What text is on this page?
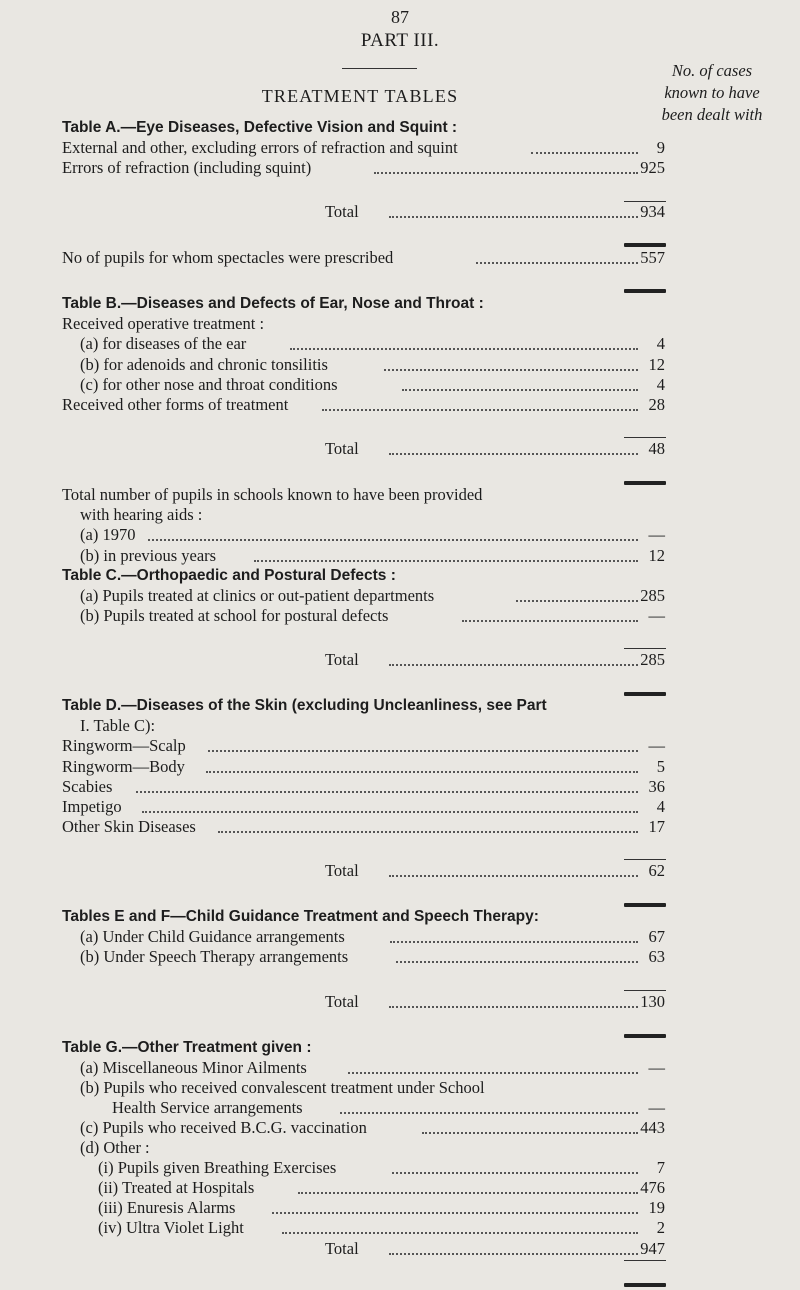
87
PART III.
TREATMENT TABLES
No. of cases
known to have
been dealt with
Table A.—Eye Diseases, Defective Vision and Squint :
External and other, excluding errors of refraction and squint	9
Errors of refraction (including squint)	925
Total	934
No of pupils for whom spectacles were prescribed	557
Table B.—Diseases and Defects of Ear, Nose and Throat :
Received operative treatment :
(a) for diseases of the ear	4
(b) for adenoids and chronic tonsilitis	12
(c) for other nose and throat conditions	4
Received other forms of treatment	28
Total	48
Total number of pupils in schools known to have been provided
with hearing aids :
(a) 1970	—
(b) in previous years	12
Table C.—Orthopaedic and Postural Defects :
(a) Pupils treated at clinics or out-patient departments	285
(b) Pupils treated at school for postural defects	—
Total	285
Table D.—Diseases of the Skin (excluding Uncleanliness, see Part
I. Table C):
Ringworm—Scalp	—
Ringworm—Body	5
Scabies	36
Impetigo	4
Other Skin Diseases	17
Total	62
Tables E and F—Child Guidance Treatment and Speech Therapy:
(a) Under Child Guidance arrangements	67
(b) Under Speech Therapy arrangements	63
Total	130
Table G.—Other Treatment given :
(a) Miscellaneous Minor Ailments	—
(b) Pupils who received convalescent treatment under School
Health Service arrangements	—
(c) Pupils who received B.C.G. vaccination	443
(d) Other :
(i) Pupils given Breathing Exercises	7
(ii) Treated at Hospitals	476
(iii) Enuresis Alarms	19
(iv) Ultra Violet Light	2
Total	947
